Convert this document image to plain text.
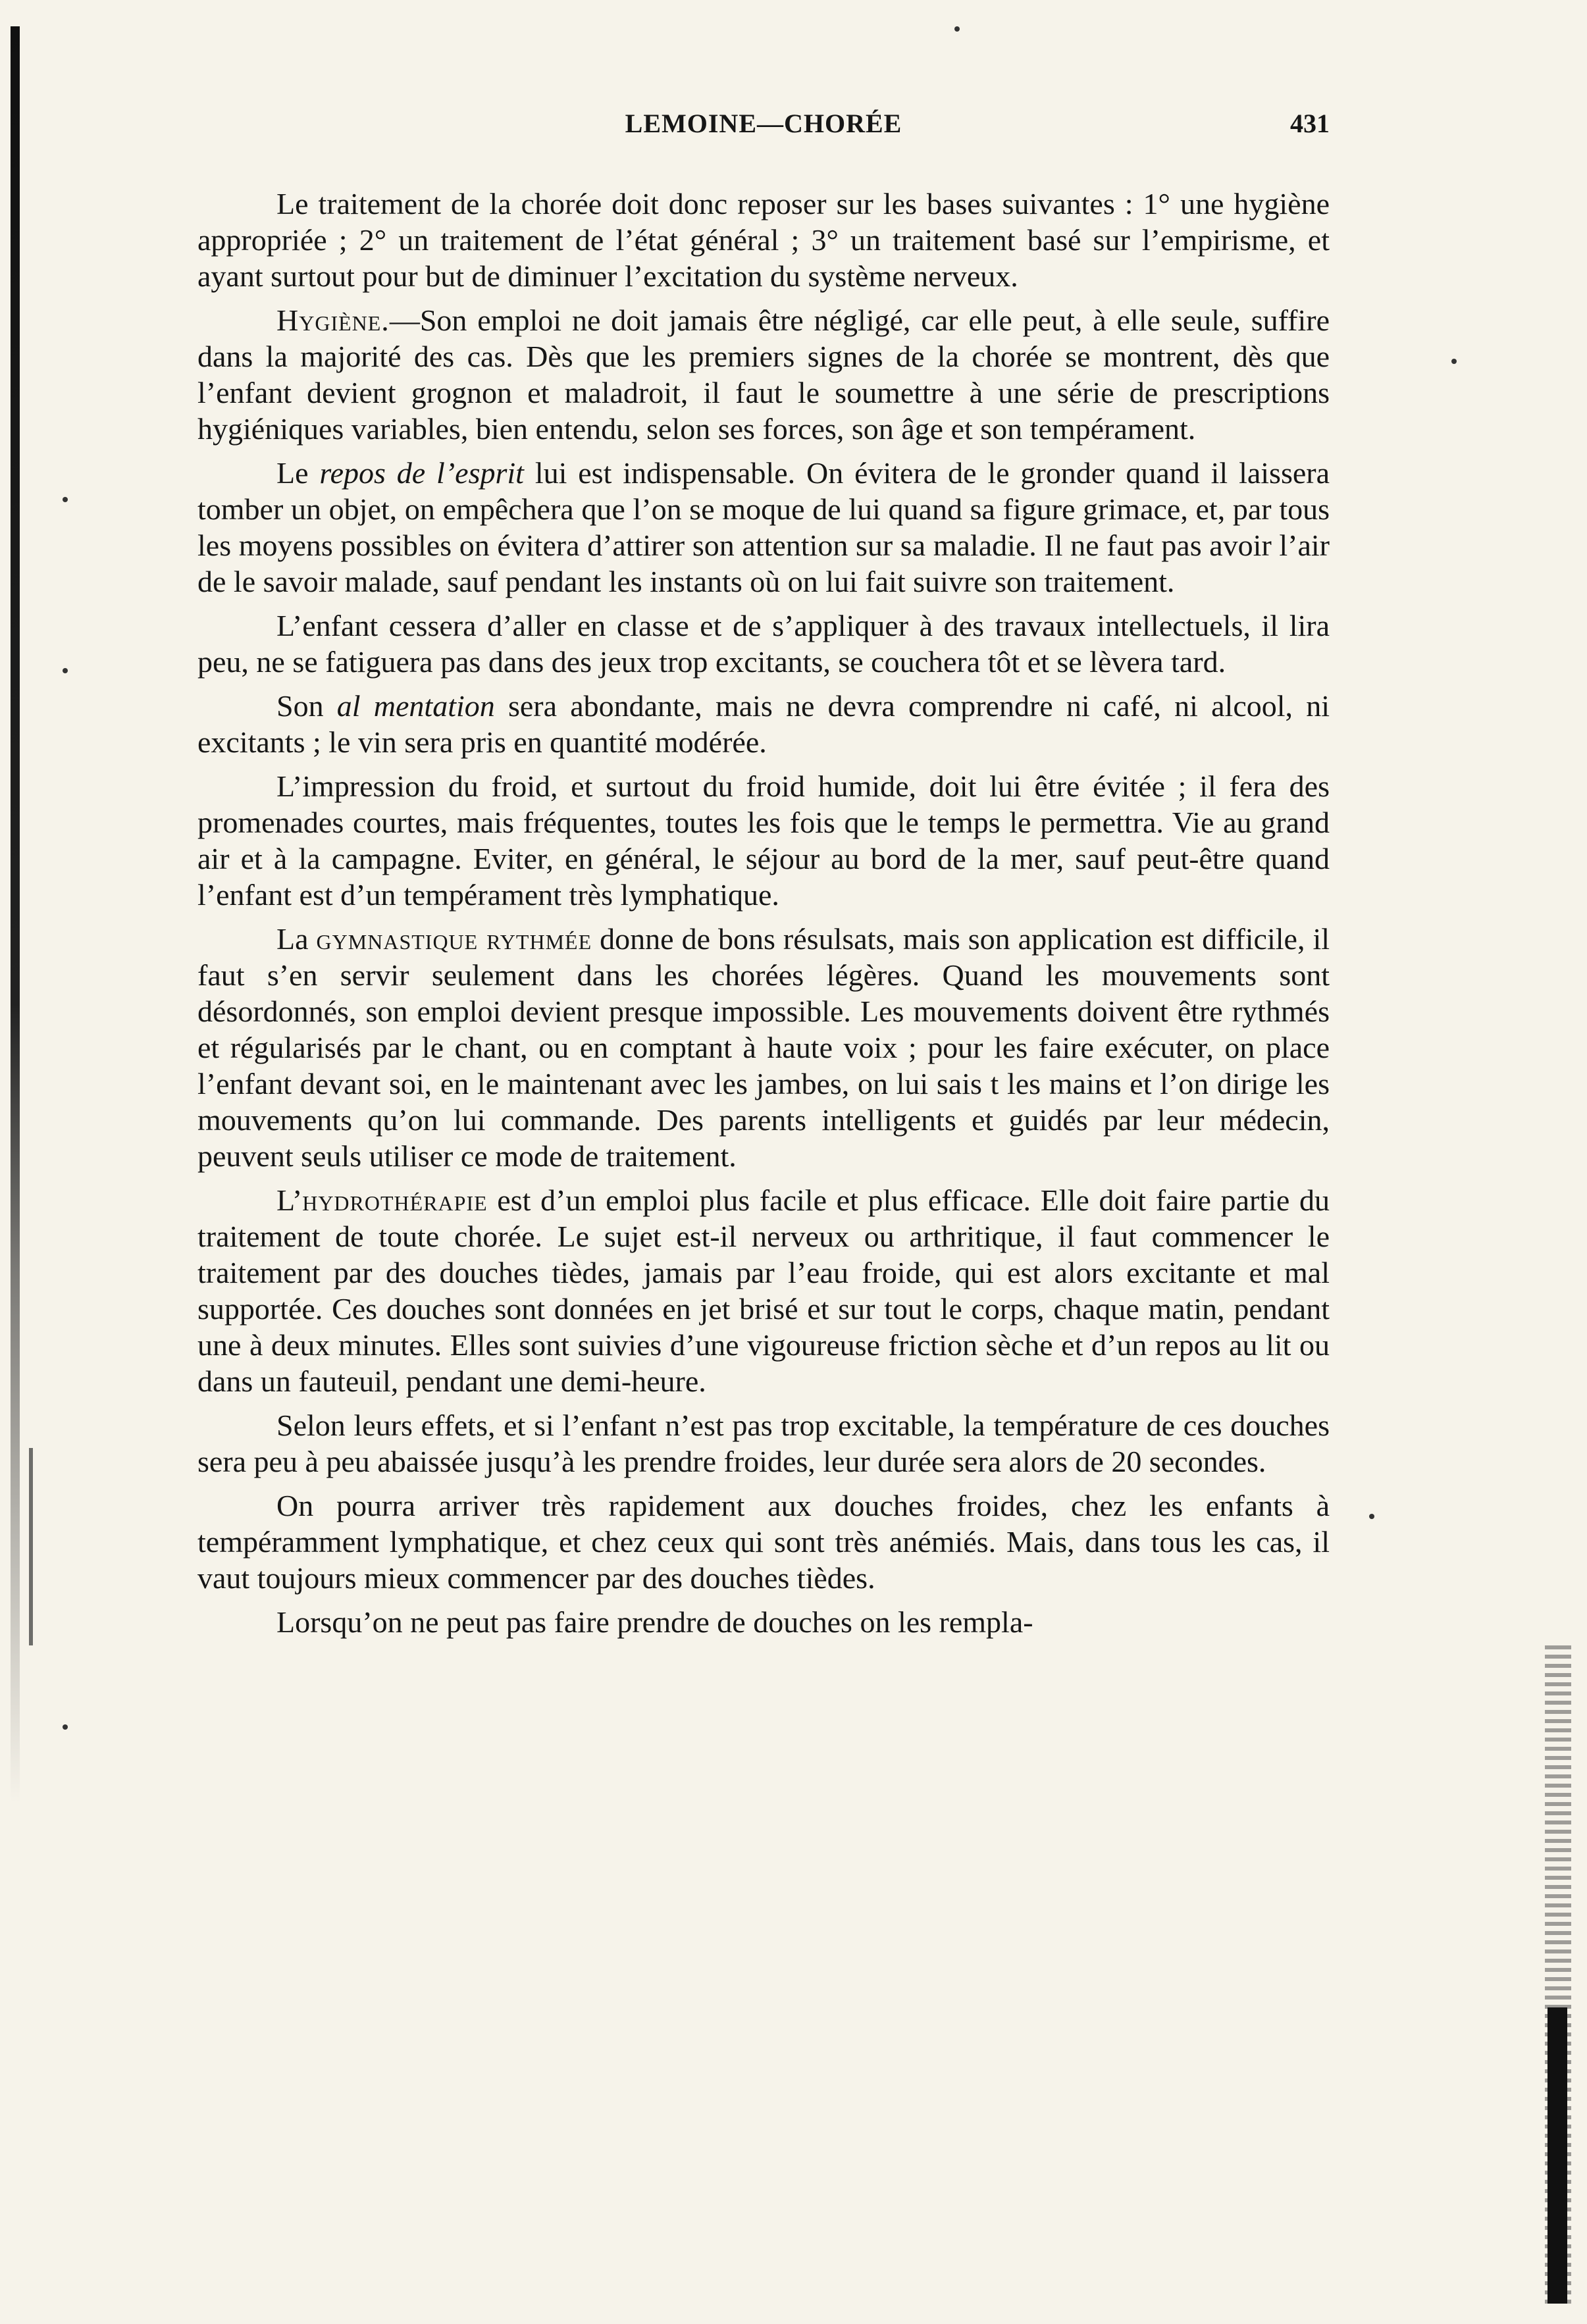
LEMOINE—CHORÉE	431

Le traitement de la chorée doit donc reposer sur les bases suivantes : 1° une hygiène appropriée ; 2° un traitement de l’état général ; 3° un traitement basé sur l’empirisme, et ayant surtout pour but de diminuer l’excitation du système nerveux.

Hygiène.—Son emploi ne doit jamais être négligé, car elle peut, à elle seule, suffire dans la majorité des cas. Dès que les premiers signes de la chorée se montrent, dès que l’enfant devient grognon et maladroit, il faut le soumettre à une série de prescriptions hygiéniques variables, bien entendu, selon ses forces, son âge et son tempérament.

Le repos de l’esprit lui est indispensable. On évitera de le gronder quand il laissera tomber un objet, on empêchera que l’on se moque de lui quand sa figure grimace, et, par tous les moyens possibles on évitera d’attirer son attention sur sa maladie. Il ne faut pas avoir l’air de le savoir malade, sauf pendant les instants où on lui fait suivre son traitement.

L’enfant cessera d’aller en classe et de s’appliquer à des travaux intellectuels, il lira peu, ne se fatiguera pas dans des jeux trop excitants, se couchera tôt et se lèvera tard.

Son al mentation sera abondante, mais ne devra comprendre ni café, ni alcool, ni excitants ; le vin sera pris en quantité modérée.

L’impression du froid, et surtout du froid humide, doit lui être évitée ; il fera des promenades courtes, mais fréquentes, toutes les fois que le temps le permettra. Vie au grand air et à la campagne. Eviter, en général, le séjour au bord de la mer, sauf peut-être quand l’enfant est d’un tempérament très lymphatique.

La gymnastique rythmée donne de bons résulsats, mais son application est difficile, il faut s’en servir seulement dans les chorées légères. Quand les mouvements sont désordonnés, son emploi devient presque impossible. Les mouvements doivent être rythmés et régularisés par le chant, ou en comptant à haute voix ; pour les faire exécuter, on place l’enfant devant soi, en le maintenant avec les jambes, on lui sais t les mains et l’on dirige les mouvements qu’on lui commande. Des parents intelligents et guidés par leur médecin, peuvent seuls utiliser ce mode de traitement.

L’hydrothérapie est d’un emploi plus facile et plus efficace. Elle doit faire partie du traitement de toute chorée. Le sujet est-il nerveux ou arthritique, il faut commencer le traitement par des douches tièdes, jamais par l’eau froide, qui est alors excitante et mal supportée. Ces douches sont données en jet brisé et sur tout le corps, chaque matin, pendant une à deux minutes. Elles sont suivies d’une vigoureuse friction sèche et d’un repos au lit ou dans un fauteuil, pendant une demi-heure.

Selon leurs effets, et si l’enfant n’est pas trop excitable, la température de ces douches sera peu à peu abaissée jusqu’à les prendre froides, leur durée sera alors de 20 secondes.

On pourra arriver très rapidement aux douches froides, chez les enfants à tempéramment lymphatique, et chez ceux qui sont très anémiés. Mais, dans tous les cas, il vaut toujours mieux commencer par des douches tièdes.

Lorsqu’on ne peut pas faire prendre de douches on les rempla-
